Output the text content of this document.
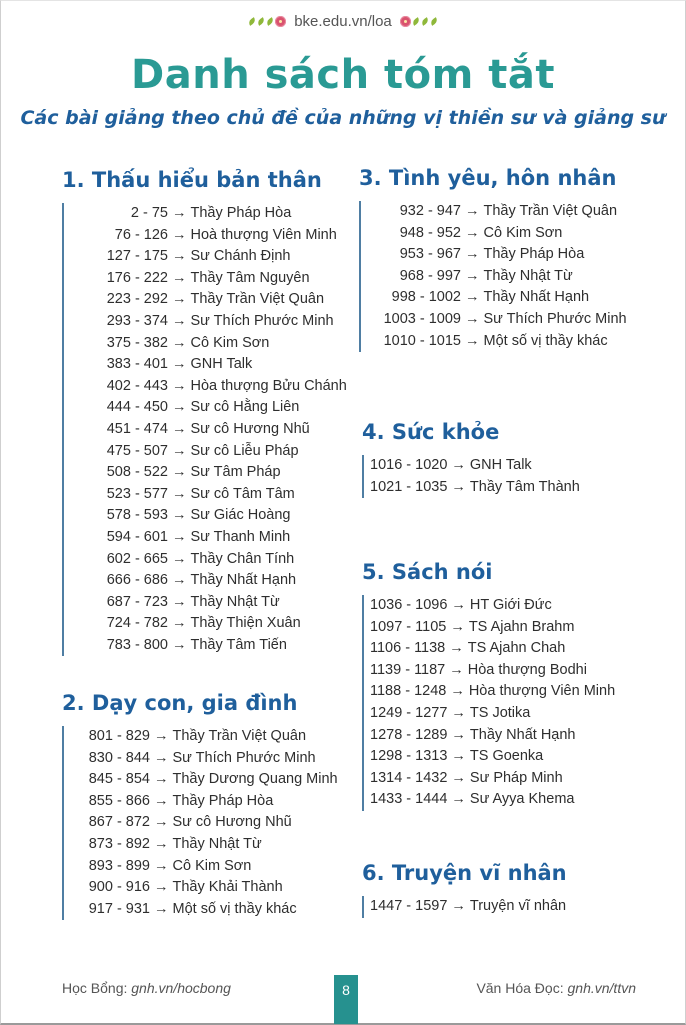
bke.edu.vn/loa
Danh sách tóm tắt
Các bài giảng theo chủ đề của những vị thiền sư và giảng sư
1. Thấu hiểu bản thân
2 - 75 → Thầy Pháp Hòa
76 - 126 → Hoà thượng Viên Minh
127 - 175 → Sư Chánh Định
176 - 222 → Thầy Tâm Nguyên
223 - 292 → Thầy Trần Việt Quân
293 - 374 → Sư Thích Phước Minh
375 - 382 → Cô Kim Sơn
383 - 401 → GNH Talk
402 - 443 → Hòa thượng Bửu Chánh
444 - 450 → Sư cô Hằng Liên
451 - 474 → Sư cô Hương Nhũ
475 - 507 → Sư cô Liễu Pháp
508 - 522 → Sư Tâm Pháp
523 - 577 → Sư cô Tâm Tâm
578 - 593 → Sư Giác Hoàng
594 - 601 → Sư Thanh Minh
602 - 665 → Thầy Chân Tính
666 - 686 → Thầy Nhất Hạnh
687 - 723 → Thầy Nhật Từ
724 - 782 → Thầy Thiện Xuân
783 - 800 → Thầy Tâm Tiến
2. Dạy con, gia đình
801 - 829 → Thầy Trần Việt Quân
830 - 844 → Sư Thích Phước Minh
845 - 854 → Thầy Dương Quang Minh
855 - 866 → Thầy Pháp Hòa
867 - 872 → Sư cô Hương Nhũ
873 - 892 → Thầy Nhật Từ
893 - 899 → Cô Kim Sơn
900 - 916 → Thầy Khải Thành
917 - 931 → Một số vị thầy khác
3. Tình yêu, hôn nhân
932 - 947 → Thầy Trần Việt Quân
948 - 952 → Cô Kim Sơn
953 - 967 → Thầy Pháp Hòa
968 - 997 → Thầy Nhật Từ
998 - 1002 → Thầy Nhất Hạnh
1003 - 1009 → Sư Thích Phước Minh
1010 - 1015 → Một số vị thầy khác
4. Sức khỏe
1016 - 1020 → GNH Talk
1021 - 1035 → Thầy Tâm Thành
5. Sách nói
1036 - 1096 → HT Giới Đức
1097 - 1105 → TS Ajahn Brahm
1106 - 1138 → TS Ajahn Chah
1139 - 1187 → Hòa thượng Bodhi
1188 - 1248 → Hòa thượng Viên Minh
1249 - 1277 → TS Jotika
1278 - 1289 → Thầy Nhất Hạnh
1298 - 1313 → TS Goenka
1314 - 1432 → Sư Pháp Minh
1433 - 1444 → Sư Ayya Khema
6. Truyện vĩ nhân
1447 - 1597 → Truyện vĩ nhân
Học Bổng: gnh.vn/hocbong	8	Văn Hóa Đọc: gnh.vn/ttvn
